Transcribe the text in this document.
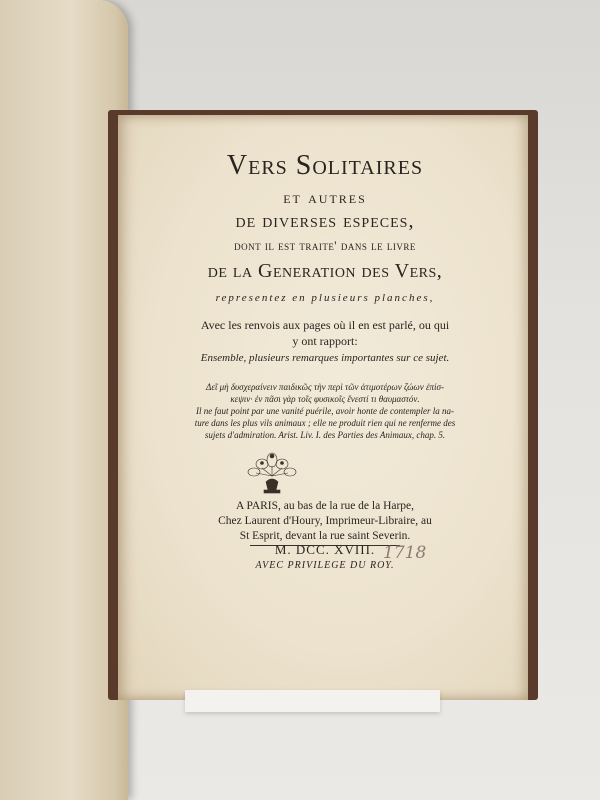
Vers Solitaires
et autres
de diverses especes,
dont il est traite' dans le livre
de la Generation des Vers,
representez en plusieurs planches,
Avec les renvois aux pages où il en est parlé, ou qui
y ont rapport:
Ensemble, plusieurs remarques importantes sur ce sujet.
Δεῖ μὴ δυσχεραίνειν παιδικῶς τὴν περὶ τῶν ἀτιμοτέρων ζώων ἐπίσ-
κεψιν· ἐν πᾶσι γὰρ τοῖς φυσικοῖς ἔνεστί τι θαυμαστόν.
Il ne faut point par une vanité puérile, avoir honte de contempler la na-
ture dans les plus vils animaux ; elle ne produit rien qui ne renferme des
sujets d'admiration. Arist. Liv. I. des Parties des Animaux, chap. 5.
A PARIS, au bas de la rue de la Harpe,
Chez Laurent d'Houry, Imprimeur-Libraire, au
St Esprit, devant la rue saint Severin.
M. DCC. XVIII.
AVEC PRIVILEGE DU ROY.
1718
